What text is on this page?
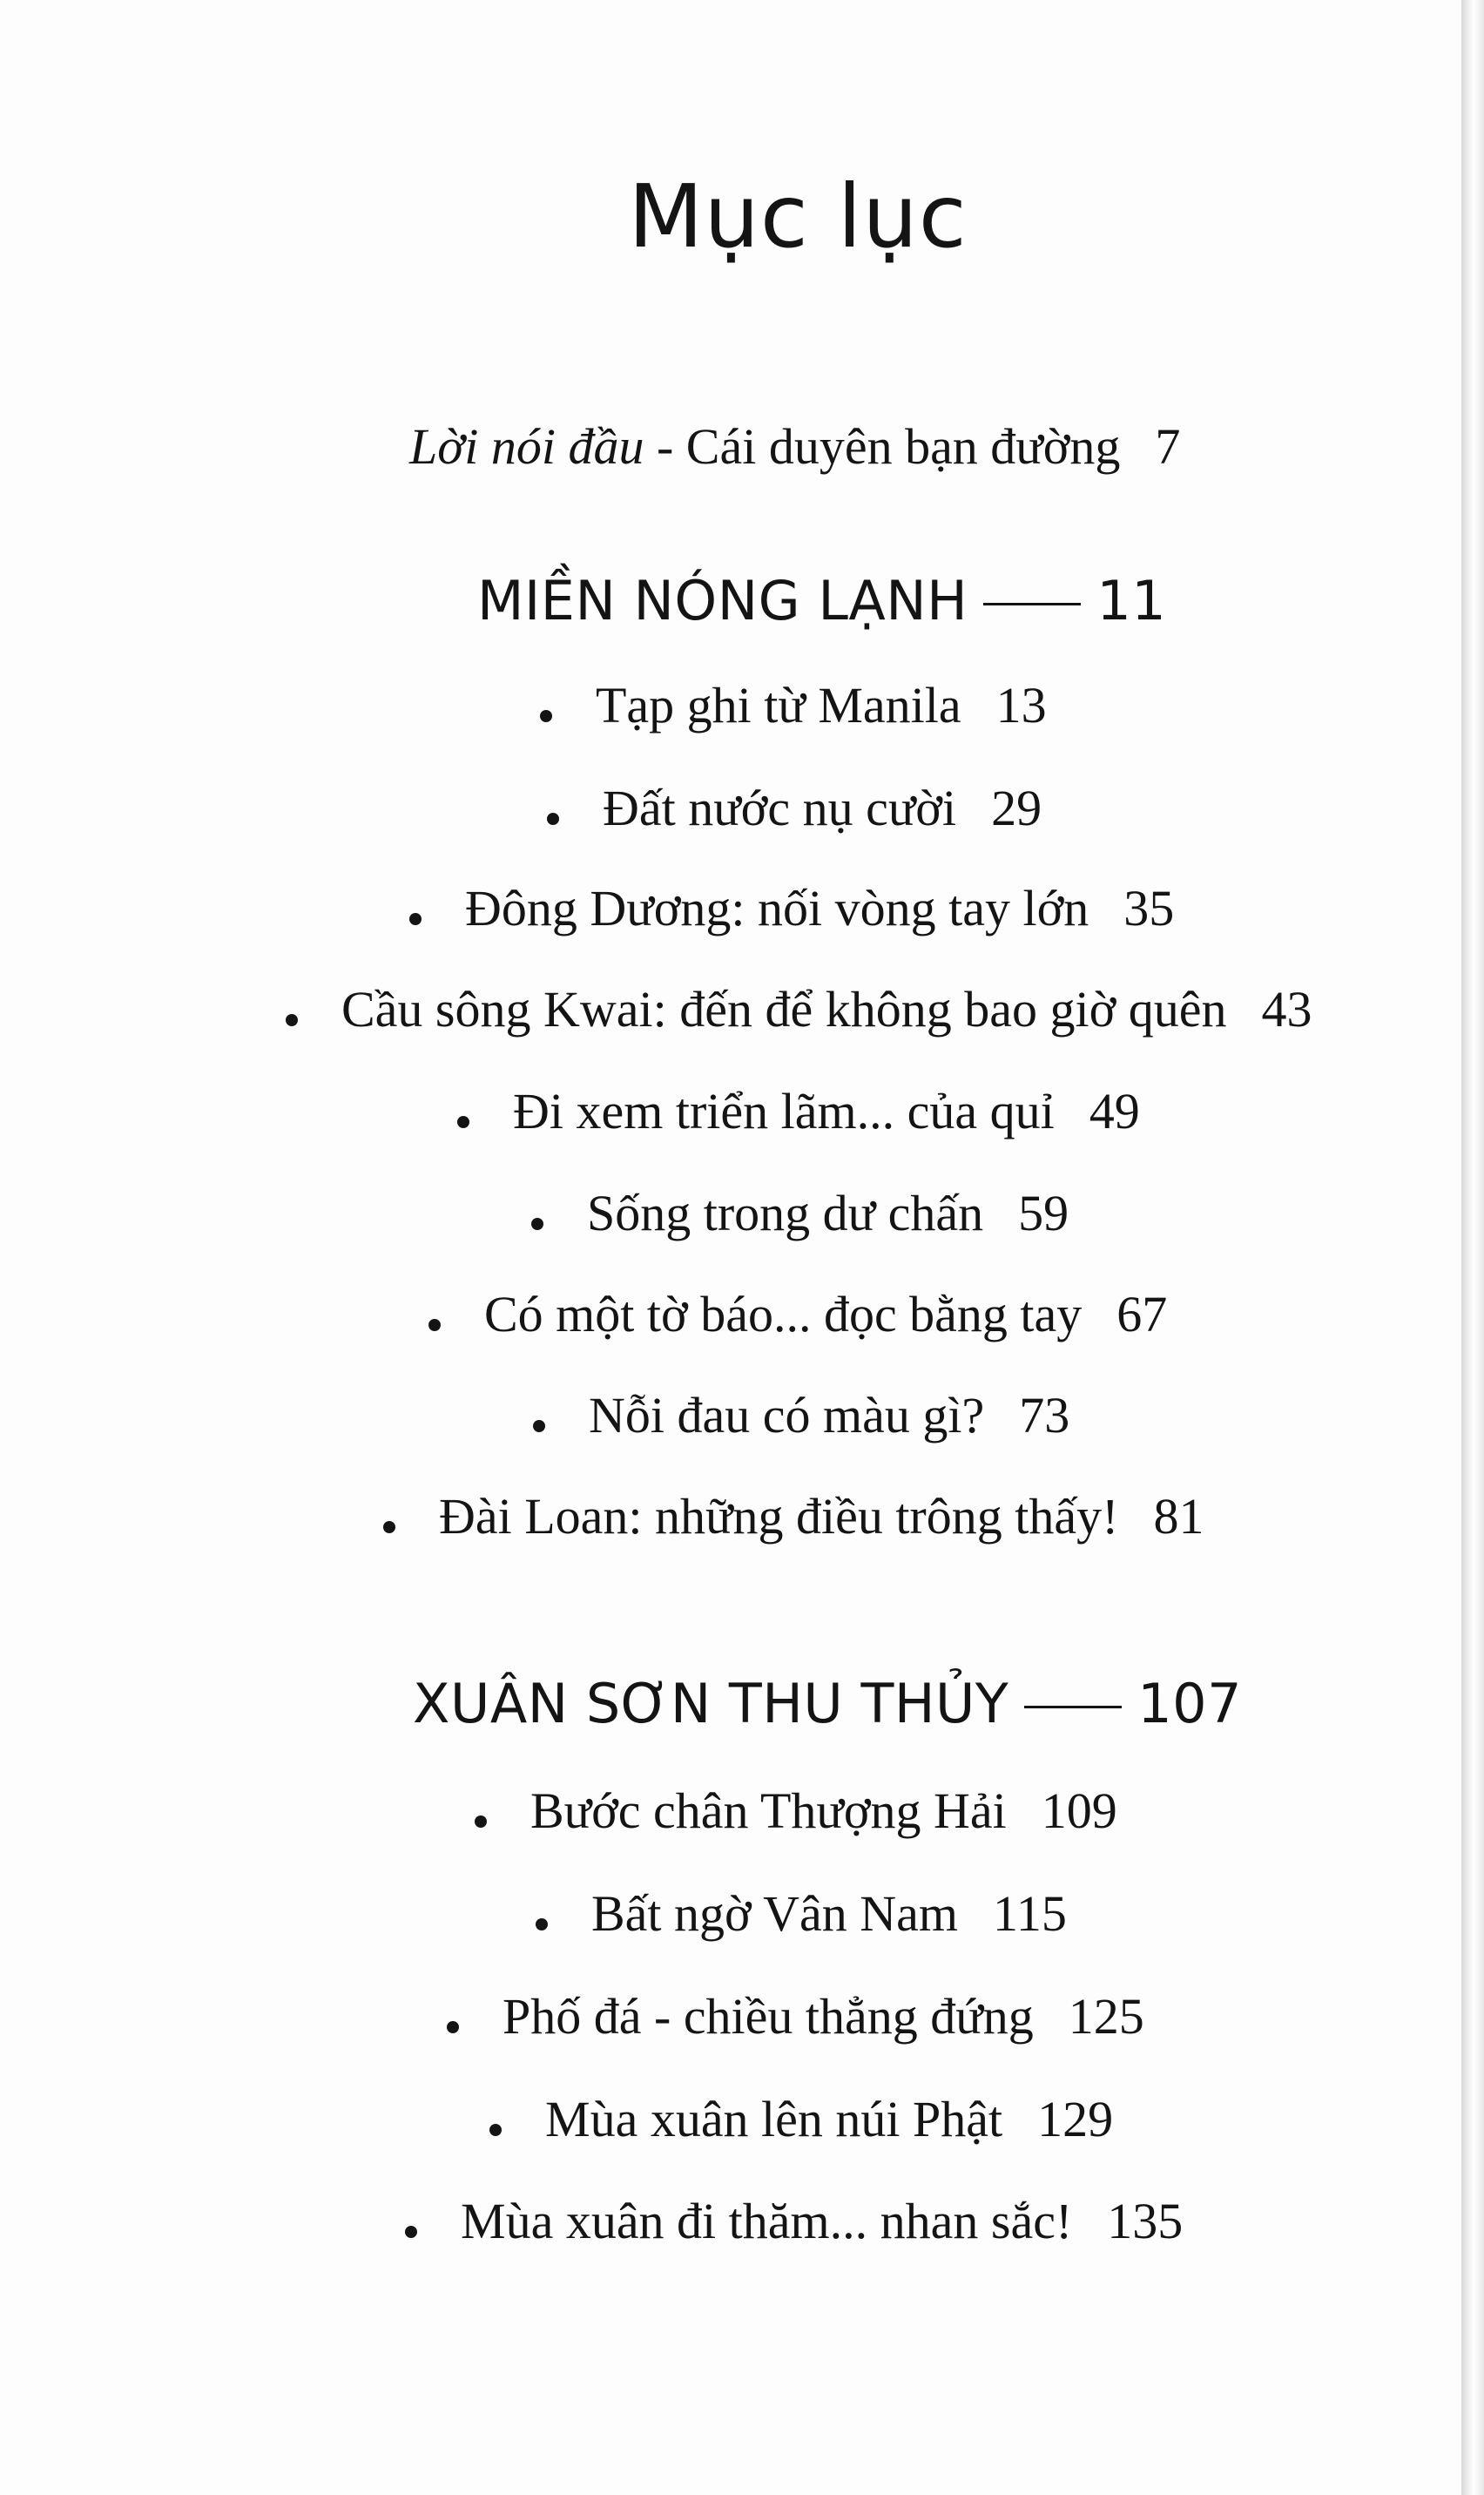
Mục lục
Lời nói đầu - Cái duyên bạn đường 7
MIỀN NÓNG LẠNH 11
Tạp ghi từ Manila 13
Đất nước nụ cười 29
Đông Dương: nối vòng tay lớn 35
Cầu sông Kwai: đến để không bao giờ quên 43
Đi xem triển lãm... của quỉ 49
Sống trong dư chấn 59
Có một tờ báo... đọc bằng tay 67
Nỗi đau có màu gì? 73
Đài Loan: những điều trông thấy! 81
XUÂN SƠN THU THỦY 107
Bước chân Thượng Hải 109
Bất ngờ Vân Nam 115
Phố đá - chiều thẳng đứng 125
Mùa xuân lên núi Phật 129
Mùa xuân đi thăm... nhan sắc! 135
